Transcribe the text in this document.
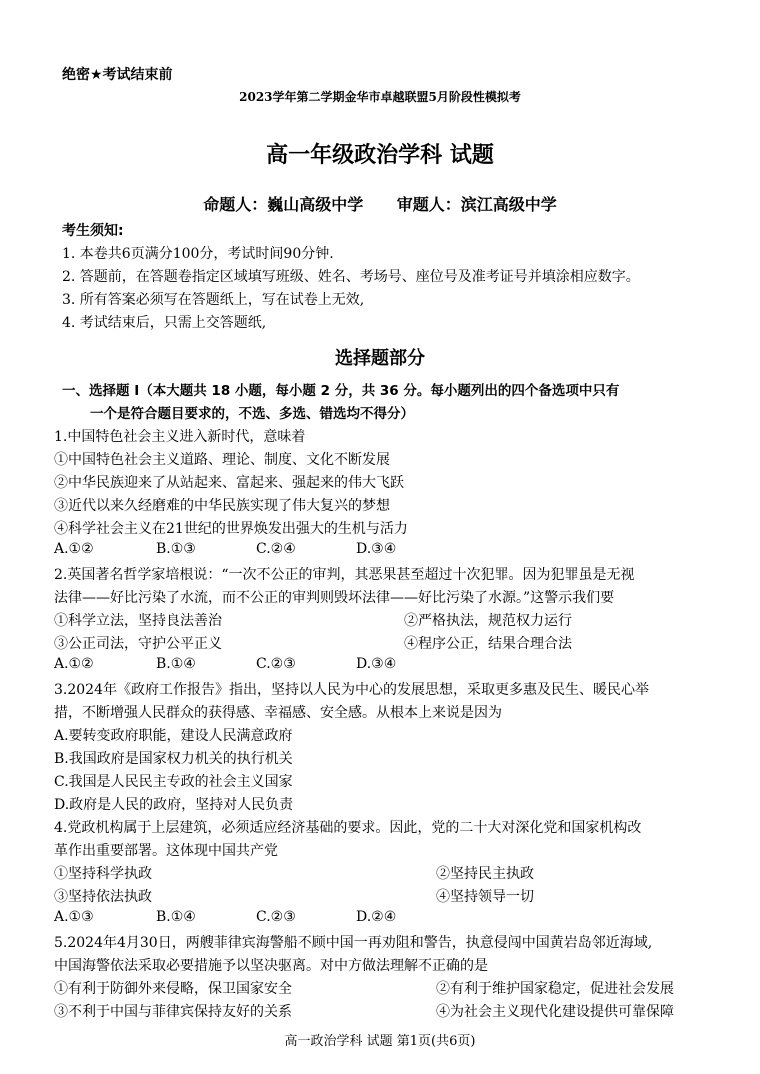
绝密★考试结束前
2023学年第二学期金华市卓越联盟5月阶段性模拟考
高一年级政治学科 试题
命题人：巍山高级中学 审题人：滨江高级中学
考生须知:
1. 本卷共6页满分100分，考试时间90分钟.
2. 答题前，在答题卷指定区域填写班级、姓名、考场号、座位号及准考证号并填涂相应数字。
3. 所有答案必须写在答题纸上，写在试卷上无效,
4. 考试结束后，只需上交答题纸,
选择题部分
一、选择题 I（本大题共 18 小题，每小题 2 分，共 36 分。每小题列出的四个备选项中只有
一个是符合题目要求的，不选、多选、错选均不得分）
1.中国特色社会主义进入新时代，意味着
①中国特色社会主义道路、理论、制度、文化不断发展
②中华民族迎来了从站起来、富起来、强起来的伟大飞跃
③近代以来久经磨难的中华民族实现了伟大复兴的梦想
④科学社会主义在21世纪的世界焕发出强大的生机与活力
A.①②	B.①③	C.②④	D.③④
2.英国著名哲学家培根说：“一次不公正的审判，其恶果甚至超过十次犯罪。因为犯罪虽是无视
法律——好比污染了水流，而不公正的审判则毁坏法律——好比污染了水源。”这警示我们要
①科学立法，坚持良法善治	②严格执法，规范权力运行
③公正司法，守护公平正义	④程序公正，结果合理合法
A.①②	B.①④	C.②③	D.③④
3.2024年《政府工作报告》指出，坚持以人民为中心的发展思想，采取更多惠及民生、暖民心举
措，不断增强人民群众的获得感、幸福感、安全感。从根本上来说是因为
A.要转变政府职能，建设人民满意政府
B.我国政府是国家权力机关的执行机关
C.我国是人民民主专政的社会主义国家
D.政府是人民的政府，坚持对人民负责
4.党政机构属于上层建筑，必须适应经济基础的要求。因此，党的二十大对深化党和国家机构改
革作出重要部署。这体现中国共产党
①坚持科学执政	②坚持民主执政
③坚持依法执政	④坚持领导一切
A.①③	B.①④	C.②③	D.②④
5.2024年4月30日，两艘菲律宾海警船不顾中国一再劝阻和警告，执意侵闯中国黄岩岛邻近海域,
中国海警依法采取必要措施予以坚决驱离。对中方做法理解不正确的是
①有利于防御外来侵略，保卫国家安全	②有利于维护国家稳定，促进社会发展
③不利于中国与菲律宾保持友好的关系	④为社会主义现代化建设提供可靠保障
高一政治学科 试题 第1页(共6页)
